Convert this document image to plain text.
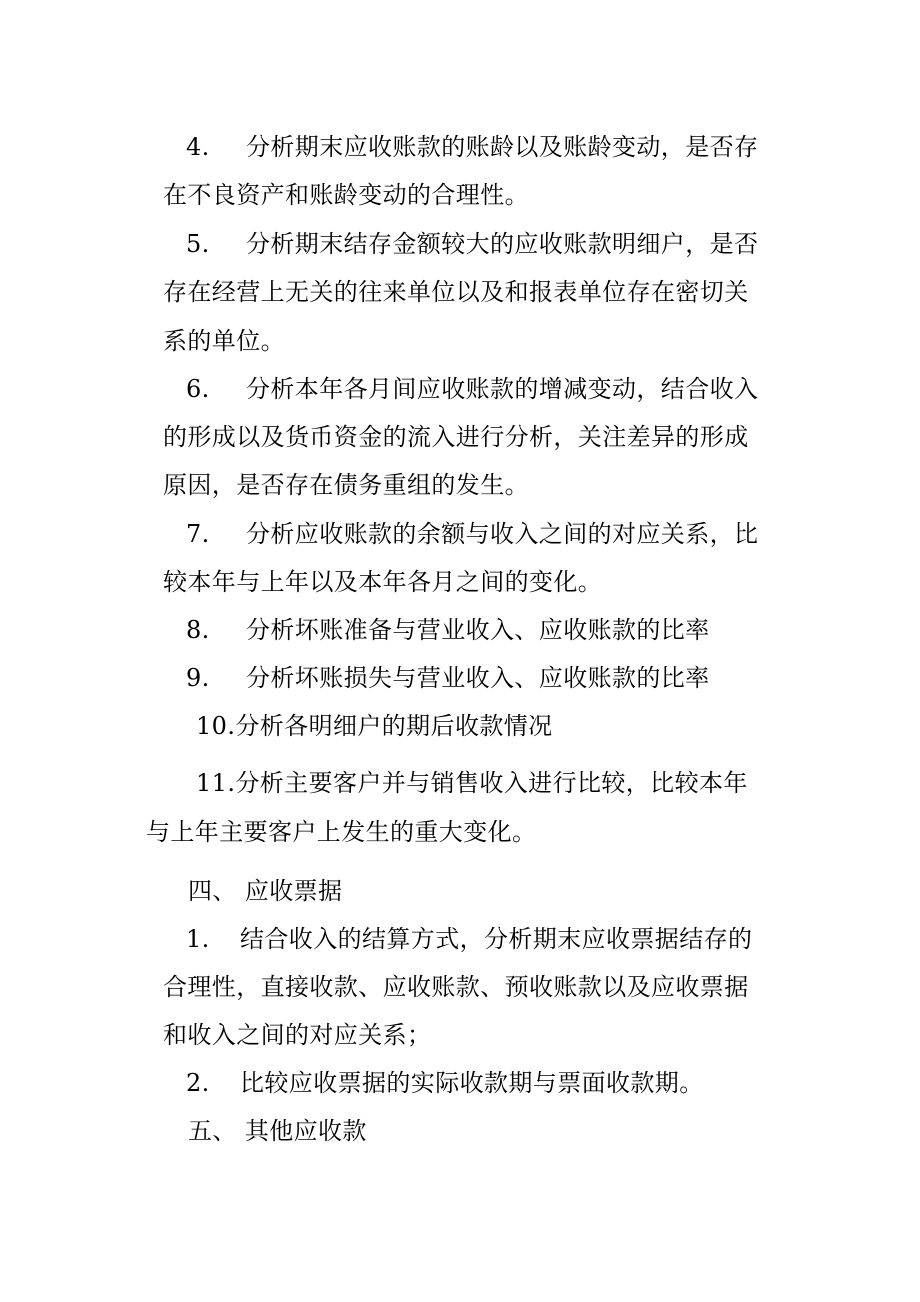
4. 分析期末应收账款的账龄以及账龄变动，是否存
在不良资产和账龄变动的合理性。
5. 分析期末结存金额较大的应收账款明细户，是否
存在经营上无关的往来单位以及和报表单位存在密切关
系的单位。
6. 分析本年各月间应收账款的增减变动，结合收入
的形成以及货币资金的流入进行分析，关注差异的形成
原因，是否存在债务重组的发生。
7. 分析应收账款的余额与收入之间的对应关系，比
较本年与上年以及本年各月之间的变化。
8. 分析坏账准备与营业收入、应收账款的比率
9. 分析坏账损失与营业收入、应收账款的比率
10.分析各明细户的期后收款情况
11.分析主要客户并与销售收入进行比较，比较本年
与上年主要客户上发生的重大变化。
四、 应收票据
1. 结合收入的结算方式，分析期末应收票据结存的
合理性，直接收款、应收账款、预收账款以及应收票据
和收入之间的对应关系；
2. 比较应收票据的实际收款期与票面收款期。
五、 其他应收款
